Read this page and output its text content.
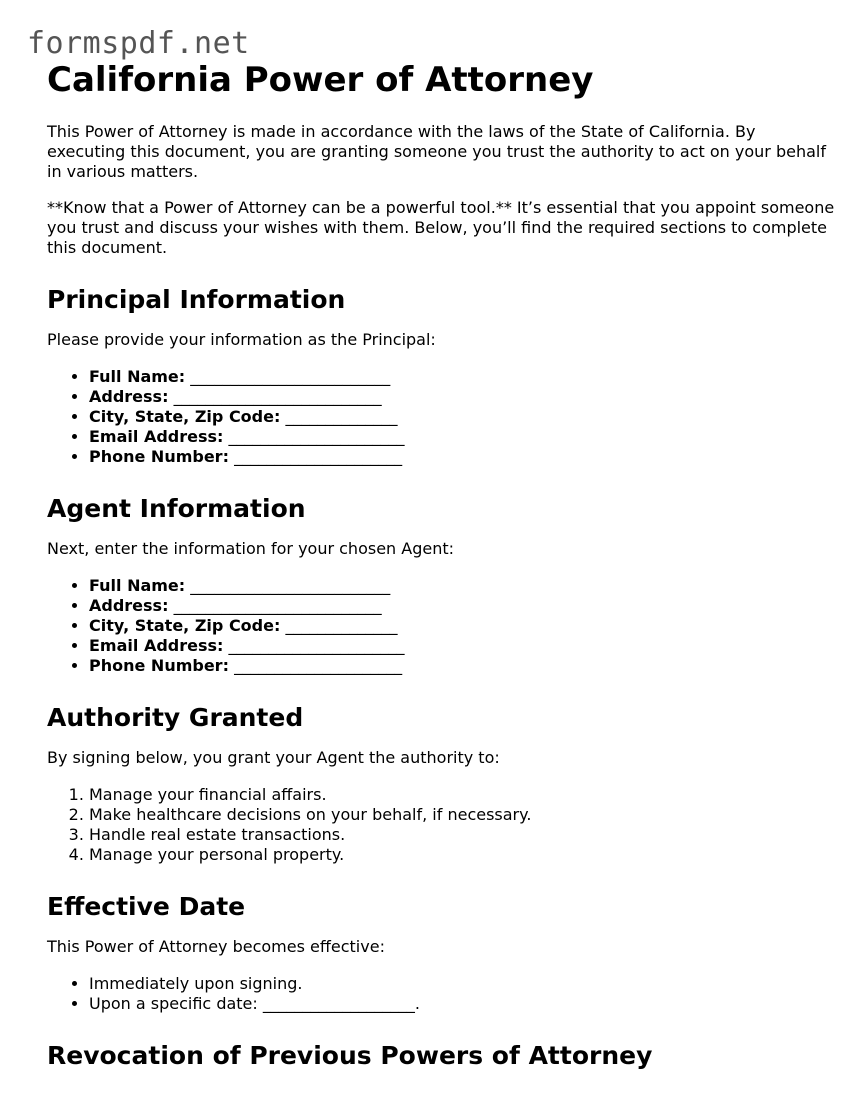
formspdf.net
California Power of Attorney

This Power of Attorney is made in accordance with the laws of the State of California. By executing this document, you are granting someone you trust the authority to act on your behalf in various matters.

**Know that a Power of Attorney can be a powerful tool.** It’s essential that you appoint someone you trust and discuss your wishes with them. Below, you’ll find the required sections to complete this document.

Principal Information

Please provide your information as the Principal:

• Full Name: _________________________
• Address: __________________________
• City, State, Zip Code: ______________
• Email Address: ______________________
• Phone Number: _____________________
Agent Information

Next, enter the information for your chosen Agent:

• Full Name: _________________________
• Address: __________________________
• City, State, Zip Code: ______________
• Email Address: ______________________
• Phone Number: _____________________
Authority Granted

By signing below, you grant your Agent the authority to:

1. Manage your financial affairs.
2. Make healthcare decisions on your behalf, if necessary.
3. Handle real estate transactions.
4. Manage your personal property.
Effective Date

This Power of Attorney becomes effective:

• Immediately upon signing.
• Upon a specific date: ___________________.
Revocation of Previous Powers of Attorney
